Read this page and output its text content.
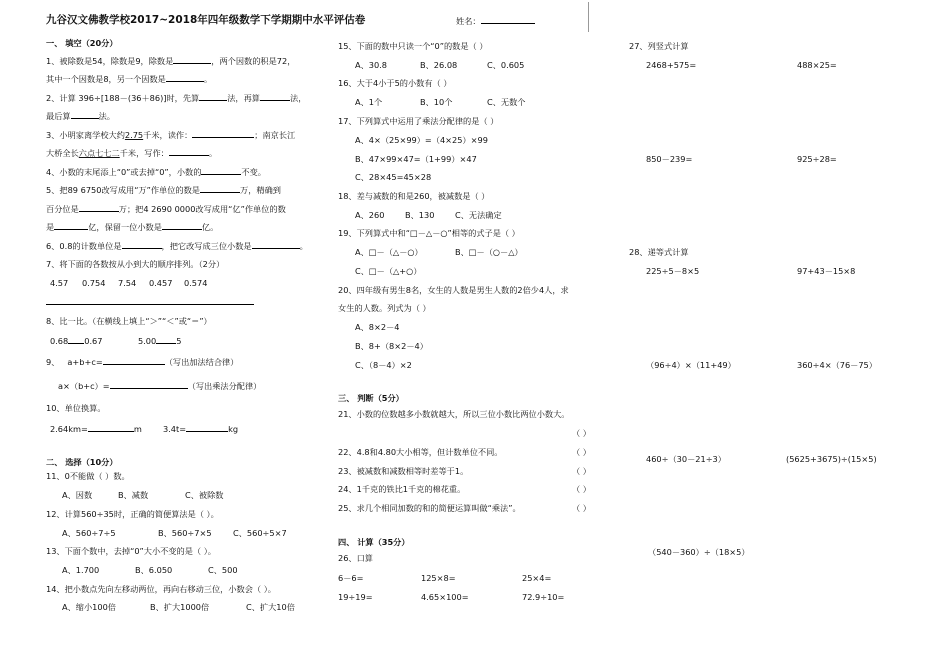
九谷汉文佛教学校2017~2018年四年级数学下学期期中水平评估卷	姓名：
一、 填空（20分）
1、被除数是54，除数是9，除数是	，两个因数的积是72，
其中一个因数是8，另一个因数是	。
2、计算 396÷[188－(36＋86)]时，先算	法，再算	法，
最后算	法。
3、小明家离学校大约2.75千米，读作：	；南京长江
大桥全长六点七七二千米，写作：	。
4、小数的末尾添上“0”或去掉“0”，小数的	不变。
5、把89 6750改写成用“万”作单位的数是	万，精确到
百分位是	万；把4 2690 0000改写成用“亿”作单位的数
是	亿，保留一位小数是	亿。
6、0.8的计数单位是	，把它改写成三位小数是	。
7、将下面的各数按从小到大的顺序排列。（2分）
4.57 0.754 7.54 0.457 0.574
8、比一比。（在横线上填上“＞”“＜”或“＝”）
0.68 0.67	5.00 5
9、 a+b+c=	（写出加法结合律）
a×（b+c）=	（写出乘法分配律）
10、单位换算。
2.64km=	m	3.4t=	kg
二、 选择（10分）
11、0不能做（ ）数。
A、因数	B、减数	C、被除数
12、计算560÷35时，正确的简便算法是（ ）。
A、560÷7÷5	B、560÷7×5	C、560÷5×7
13、下面个数中，去掉“0”大小不变的是（ ）。
A、1.700	B、6.050	C、500
14、把小数点先向左移动两位，再向右移动三位，小数会（ ）。
A、缩小100倍	B、扩大1000倍	C、扩大10倍
15、下面的数中只读一个“0”的数是（ ）
A、30.8	B、26.08	C、0.605
16、大于4小于5的小数有（ ）
A、1个	B、10个	C、无数个
17、下列算式中运用了乘法分配律的是（ ）
A、4×（25×99）=（4×25）×99
B、47×99×47=（1+99）×47
C、28×45=45×28
18、差与减数的和是260，被减数是（ ）
A、260	B、130	C、无法确定
19、下列算式中和“□－△－○”相等的式子是（ ）
A、□－（△－○）	B、□－（○－△）
C、□－（△+○）
20、四年级有男生8名，女生的人数是男生人数的2倍少4人，求
女生的人数。列式为（ ）
A、8×2－4
B、8+（8×2－4）
C、（8－4）×2
三、 判断（5分）
21、小数的位数越多小数就越大，所以三位小数比两位小数大。
（ ）
22、4.8和4.80大小相等，但计数单位不同。	（ ）
23、被减数和减数相等时差等于1。	（ ）
24、1千克的铁比1千克的棉花重。	（ ）
25、求几个相同加数的和的简便运算叫做“乘法”。	（ ）
四、 计算（35分）
26、口算
6－6=	125×8=	25×4=
19÷19=	4.65×100=	72.9÷10=
27、列竖式计算
2468+575=	488×25=
850－239=	925÷28=
28、递等式计算
225÷5－8×5	97+43－15×8
（96÷4）×（11+49）	360÷4×（76－75）
460÷（30－21÷3）	(5625+3675)÷(15×5)
（540－360）÷（18×5）
